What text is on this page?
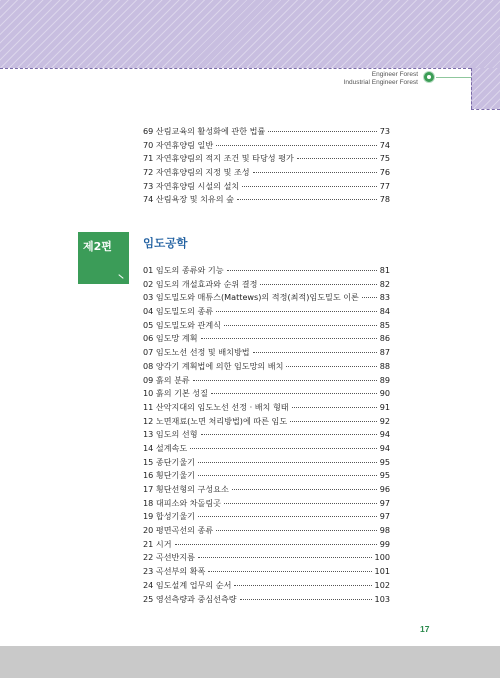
Engineer Forest
Industrial Engineer Forest
69 산림교육의 활성화에 관한 법률	73
70 자연휴양림 일반	74
71 자연휴양림의 적지 조건 및 타당성 평가	75
72 자연휴양림의 지정 및 조성	76
73 자연휴양림 시설의 설치	77
74 산림욕장 및 치유의 숲	78
제2편	임도공학
01 임도의 종류와 기능	81
02 임도의 개설효과와 순위 결정	82
03 임도밀도와 매튜스(Mattews)의 적정(최적)임도밀도 이론	83
04 임도밀도의 종류	84
05 임도밀도와 관계식	85
06 임도망 계획	86
07 임도노선 선정 및 배치방법	87
08 양각기 계획법에 의한 임도망의 배치	88
09 흙의 분류	89
10 흙의 기본 성질	90
11 산악지대의 임도노선 선정 · 배치 형태	91
12 노면재료(노면 처리방법)에 따른 임도	92
13 임도의 선형	94
14 설계속도	94
15 종단기울기	95
16 횡단기울기	95
17 횡단선형의 구성요소	96
18 대피소와 차돌림곳	97
19 합성기울기	97
20 평면곡선의 종류	98
21 시거	99
22 곡선반지름	100
23 곡선부의 확폭	101
24 임도설계 업무의 순서	102
25 영선측량과 중심선측량	103
17
